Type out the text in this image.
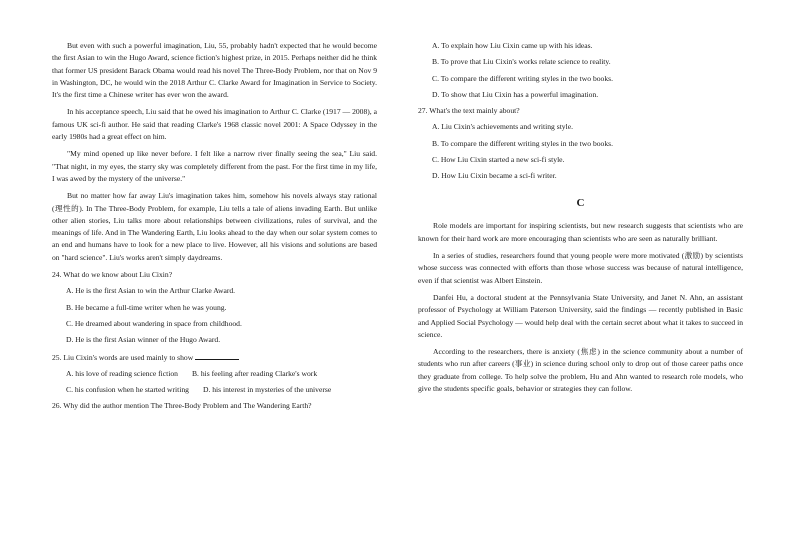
But even with such a powerful imagination, Liu, 55, probably hadn't expected that he would become the first Asian to win the Hugo Award, science fiction's highest prize, in 2015. Perhaps neither did he think that former US president Barack Obama would read his novel The Three-Body Problem, nor that on Nov 9 in Washington, DC, he would win the 2018 Arthur C. Clarke Award for Imagination in Service to Society. It's the first time a Chinese writer has ever won the award.

In his acceptance speech, Liu said that he owed his imagination to Arthur C. Clarke (1917 — 2008), a famous UK sci-fi author. He said that reading Clarke's 1968 classic novel 2001: A Space Odyssey in the early 1980s had a great effect on him.

"My mind opened up like never before. I felt like a narrow river finally seeing the sea," Liu said. "That night, in my eyes, the starry sky was completely different from the past. For the first time in my life, I was awed by the mystery of the universe."

But no matter how far away Liu's imagination takes him, somehow his novels always stay rational (理性的). In The Three-Body Problem, for example, Liu tells a tale of aliens invading Earth. But unlike other alien stories, Liu talks more about relationships between civilizations, rules of survival, and the meanings of life. And in The Wandering Earth, Liu looks ahead to the day when our solar system comes to an end and humans have to look for a new place to live. However, all his visions and solutions are based on "hard science". Liu's works aren't simply daydreams.

24. What do we know about Liu Cixin?
A. He is the first Asian to win the Arthur Clarke Award.
B. He became a full-time writer when he was young.
C. He dreamed about wandering in space from childhood.
D. He is the first Asian winner of the Hugo Award.
25. Liu Cixin's words are used mainly to show
A. his love of reading science fiction B. his feeling after reading Clarke's work
C. his confusion when he started writing D. his interest in mysteries of the universe
26. Why did the author mention The Three-Body Problem and The Wandering Earth?
A. To explain how Liu Cixin came up with his ideas.
B. To prove that Liu Cixin's works relate science to reality.
C. To compare the different writing styles in the two books.
D. To show that Liu Cixin has a powerful imagination.
27. What's the text mainly about?
A. Liu Cixin's achievements and writing style.
B. To compare the different writing styles in the two books.
C. How Liu Cixin started a new sci-fi style.
D. How Liu Cixin became a sci-fi writer.
C

Role models are important for inspiring scientists, but new research suggests that scientists who are known for their hard work are more encouraging than scientists who are seen as naturally brilliant.

In a series of studies, researchers found that young people were more motivated (激励) by scientists whose success was connected with efforts than those whose success was because of natural intelligence, even if that scientist was Albert Einstein.

Danfei Hu, a doctoral student at the Pennsylvania State University, and Janet N. Ahn, an assistant professor of Psychology at William Paterson University, said the findings — recently published in Basic and Applied Social Psychology — would help deal with the certain secret about what it takes to succeed in science.

According to the researchers, there is anxiety (焦虑) in the science community about a number of students who run after careers (事业) in science during school only to drop out of those career paths once they graduate from college. To help solve the problem, Hu and Ahn wanted to research role models, who give the students specific goals, behavior or strategies they can follow.
